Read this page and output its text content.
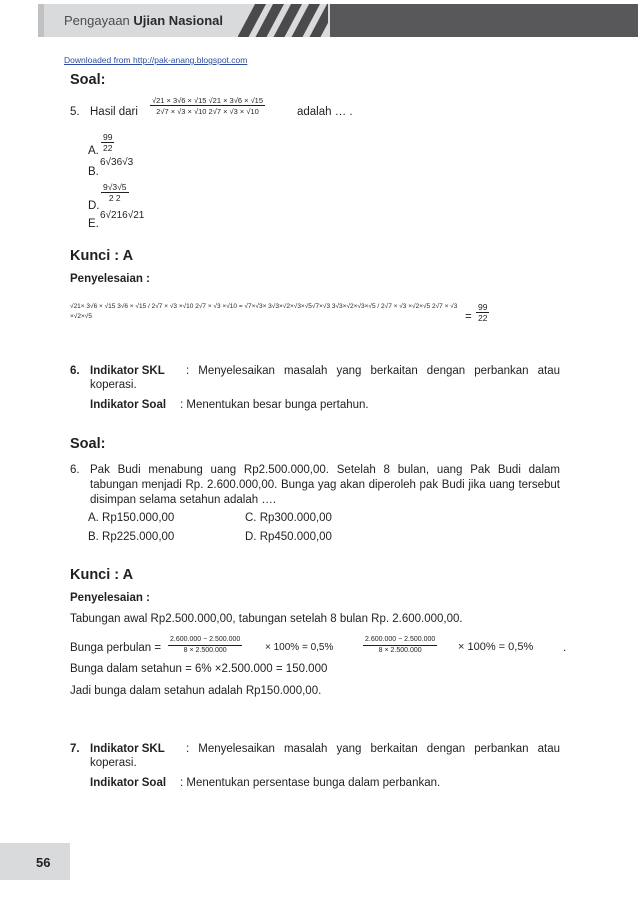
Pengayaan Ujian Nasional
Downloaded from http://pak-anang.blogspot.com
Soal:
5. Hasil dari $\frac{√21 \times 3√6 \times √15 √21 \times 3√6 \times √15}{2√7 \times √3 \times √10 2√7 \times √3 \times √10}$	adalah … .
A. $\frac{99}{22}$
B.
6√36√3
D.
$\frac{9√3√5}{2 2}$
E.
6√216√21
Kunci : A
Penyelesaian :
√21× 3√6 × √15 3√6 × √15 / 2√7 × √3 ×√10 2√7 × √3 ×√10 = √7×√3× 3√3×√2×√3×√5√7×√3 3√3×√2×√3×√5 / 2√7 × √3 ×√2×√5 2√7 × √3 ×√2×√5	= $\frac{99}{22}$
6. Indikator SKL	: Menyelesaikan masalah yang berkaitan dengan perbankan atau koperasi.
Indikator Soal : Menentukan besar bunga pertahun.
Soal:
6. Pak Budi menabung uang Rp2.500.000,00. Setelah 8 bulan, uang Pak Budi dalam tabungan menjadi Rp. 2.600.000,00. Bunga yag akan diperoleh pak Budi jika uang tersebut disimpan selama setahun adalah ….
A. Rp150.000,00	C. Rp300.000,00
B. Rp225.000,00	D. Rp450.000,00
Kunci : A
Penyelesaian :
Tabungan awal Rp2.500.000,00, tabungan setelah 8 bulan Rp. 2.600.000,00.
Bunga perbulan = $\frac{2.600.000 - 2.500.000}{8 \times 2.500.000} \times 100\% = 0,5\%$	$\frac{2.600.000 - 2.500.000}{8 \times 2.500.000} \times 100\% = 0,5\%$	.
Bunga dalam setahun = 6% ×2.500.000 = 150.000
Jadi bunga dalam setahun adalah Rp150.000,00.
7. Indikator SKL	: Menyelesaikan masalah yang berkaitan dengan perbankan atau koperasi.
Indikator Soal : Menentukan persentase bunga dalam perbankan.
56
